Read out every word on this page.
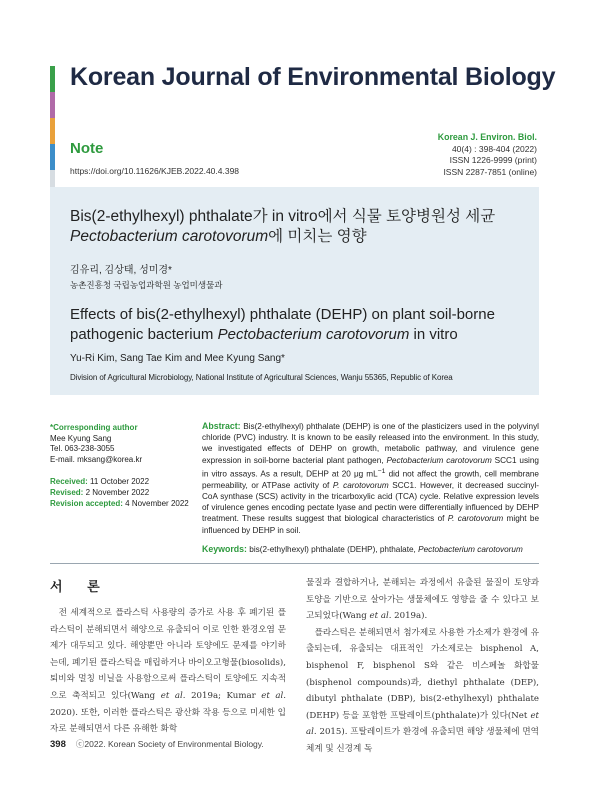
Korean Journal of Environmental Biology
Note
https://doi.org/10.11626/KJEB.2022.40.4.398
Korean J. Environ. Biol.
40(4) : 398-404 (2022)
ISSN 1226-9999 (print)
ISSN 2287-7851 (online)
Bis(2-ethylhexyl) phthalate가 in vitro에서 식물 토양병원성 세균
Pectobacterium carotovorum에 미치는 영향
김유리, 김상태, 성미경*
농촌진흥청 국립농업과학원 농업미생물과
Effects of bis(2-ethylhexyl) phthalate (DEHP) on plant soil-borne
pathogenic bacterium Pectobacterium carotovorum in vitro
Yu-Ri Kim, Sang Tae Kim and Mee Kyung Sang*
Division of Agricultural Microbiology, National Institute of Agricultural Sciences, Wanju 55365, Republic of Korea
*Corresponding author
Mee Kyung Sang
Tel. 063-238-3055
E-mail. mksang@korea.kr
Received: 11 October 2022
Revised: 2 November 2022
Revision accepted: 4 November 2022
Abstract: Bis(2-ethylhexyl) phthalate (DEHP) is one of the plasticizers used in the polyvinyl chloride (PVC) industry. It is known to be easily released into the environment. In this study, we investigated effects of DEHP on growth, metabolic pathway, and virulence gene expression in soil-borne bacterial plant pathogen, Pectobacterium carotovorum SCC1 using in vitro assays. As a result, DEHP at 20 μg $mL^{-1}$ did not affect the growth, cell membrane permeability, or ATPase activity of P. carotovorum SCC1. However, it decreased succinyl-CoA synthase (SCS) activity in the tricarboxylic acid (TCA) cycle. Relative expression levels of virulence genes encoding pectate lyase and pectin were differentially influenced by DEHP treatment. These results suggest that biological characteristics of P. carotovorum might be influenced by DEHP in soil.
Keywords: bis(2-ethylhexyl) phthalate (DEHP), phthalate, Pectobacterium carotovorum
서 론

 전 세계적으로 플라스틱 사용량의 증가로 사용 후 폐기된 플라스틱이 분해되면서 해양으로 유출되어 이로 인한 환경오염 문제가 대두되고 있다. 해양뿐만 아니라 토양에도 문제를 야기하는데, 폐기된 플라스틱을 매립하거나 바이오고형물(biosolids), 퇴비와 멀칭 비닐을 사용함으로써 플라스틱이 토양에도 지속적으로 축적되고 있다(Wang et al. 2019a; Kumar et al. 2020). 또한, 이러한 플라스틱은 광산화 작용 등으로 미세한 입자로 분해되면서 다른 유해한 화학

물질과 결합하거나, 분해되는 과정에서 유출된 물질이 토양과 토양을 기반으로 살아가는 생물체에도 영향을 줄 수 있다고 보고되었다(Wang et al. 2019a).

 플라스틱은 분해되면서 첨가제로 사용한 가소제가 환경에 유출되는데, 유출되는 대표적인 가소제로는 bisphenol A, bisphenol F, bisphenol S와 같은 비스페놀 화합물(bisphenol compounds)과, diethyl phthalate (DEP), dibutyl phthalate (DBP), bis(2-ethylhexyl) phthalate (DEHP) 등을 포함한 프탈레이트(phthalate)가 있다(Net et al. 2015). 프탈레이트가 환경에 유출되면 해양 생물체에 면역체계 및 신경계 독

398 ⓒ2022. Korean Society of Environmental Biology.
